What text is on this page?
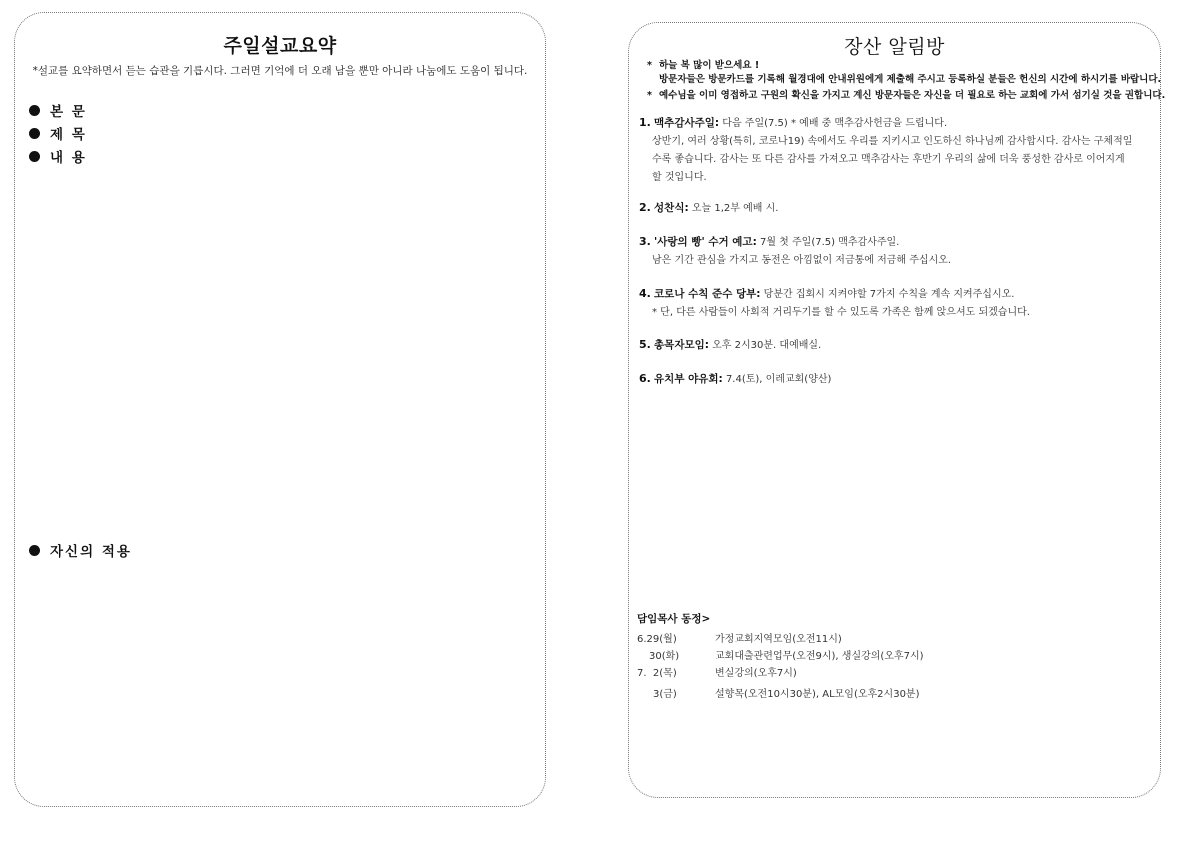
주일설교요약
*설교를 요약하면서 듣는 습관을 기릅시다. 그러면 기억에 더 오래 남을 뿐만 아니라 나눔에도 도움이 됩니다.
본 문
제 목
내 용
자신의 적용
장산 알림방
* 하늘 복 많이 받으세요 !
방문자들은 방문카드를 기록해 월경대에 안내위원에게 제출해 주시고 등록하실 분들은 헌신의 시간에 하시기를 바랍니다.
* 예수님을 이미 영접하고 구원의 확신을 가지고 계신 방문자들은 자신을 더 필요로 하는 교회에 가서 섬기실 것을 권합니다.
1. 맥추감사주일: 다음 주일(7.5) * 예배 중 맥추감사헌금을 드립니다.
상반기, 여러 상황(특히, 코로나19) 속에서도 우리를 지키시고 인도하신 하나님께 감사합시다. 감사는 구체적일
수록 좋습니다. 감사는 또 다른 감사를 가져오고 맥추감사는 후반기 우리의 삶에 더욱 풍성한 감사로 이어지게
할 것입니다.
2. 성찬식: 오늘 1,2부 예배 시.
3. '사랑의 빵' 수거 예고: 7월 첫 주일(7.5) 맥추감사주일.
남은 기간 관심을 가지고 동전은 아낌없이 저금통에 저금해 주십시오.
4. 코로나 수칙 준수 당부: 당분간 집회시 지켜야할 7가지 수칙을 계속 지켜주십시오.
* 단, 다른 사람들이 사회적 거리두기를 할 수 있도록 가족은 함께 앉으셔도 되겠습니다.
5. 총목자모임: 오후 2시30분. 대예배실.
6. 유치부 야유회: 7.4(토), 이레교회(양산)
담임목사 동정>
6.29(월)	가정교회지역모임(오전11시)
30(화)	교회대출관련업무(오전9시), 생실강의(오후7시)
7.  2(목)	변실강의(오후7시)
3(금)	설향목(오전10시30분), AL모임(오후2시30분)
